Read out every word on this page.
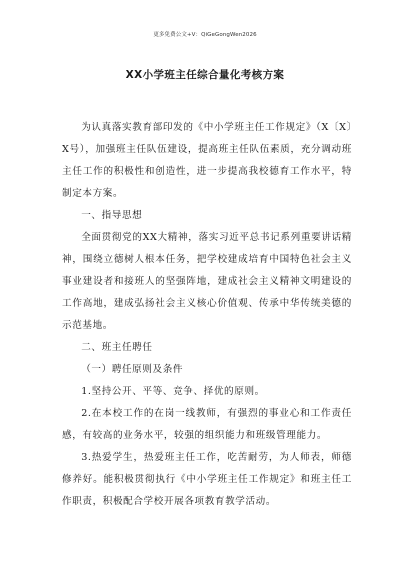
更多免费公文+V：QiGeGongWen2026
XX小学班主任综合量化考核方案

为认真落实教育部印发的《中小学班主任工作规定》（X〔X〕X号），加强班主任队伍建设，提高班主任队伍素质，充分调动班主任工作的积极性和创造性，进一步提高我校德育工作水平，特制定本方案。

一、指导思想

全面贯彻党的XX大精神，落实习近平总书记系列重要讲话精神，围绕立德树人根本任务，把学校建成培育中国特色社会主义事业建设者和接班人的坚强阵地，建成社会主义精神文明建设的工作高地，建成弘扬社会主义核心价值观、传承中华传统美德的示范基地。

二、班主任聘任

（一）聘任原则及条件

1.坚持公开、平等、竞争、择优的原则。

2.在本校工作的在岗一线教师，有强烈的事业心和工作责任感，有较高的业务水平，较强的组织能力和班级管理能力。

3.热爱学生，热爱班主任工作，吃苦耐劳，为人师表，师德修养好。能积极贯彻执行《中小学班主任工作规定》和班主任工作职责，积极配合学校开展各项教育教学活动。
